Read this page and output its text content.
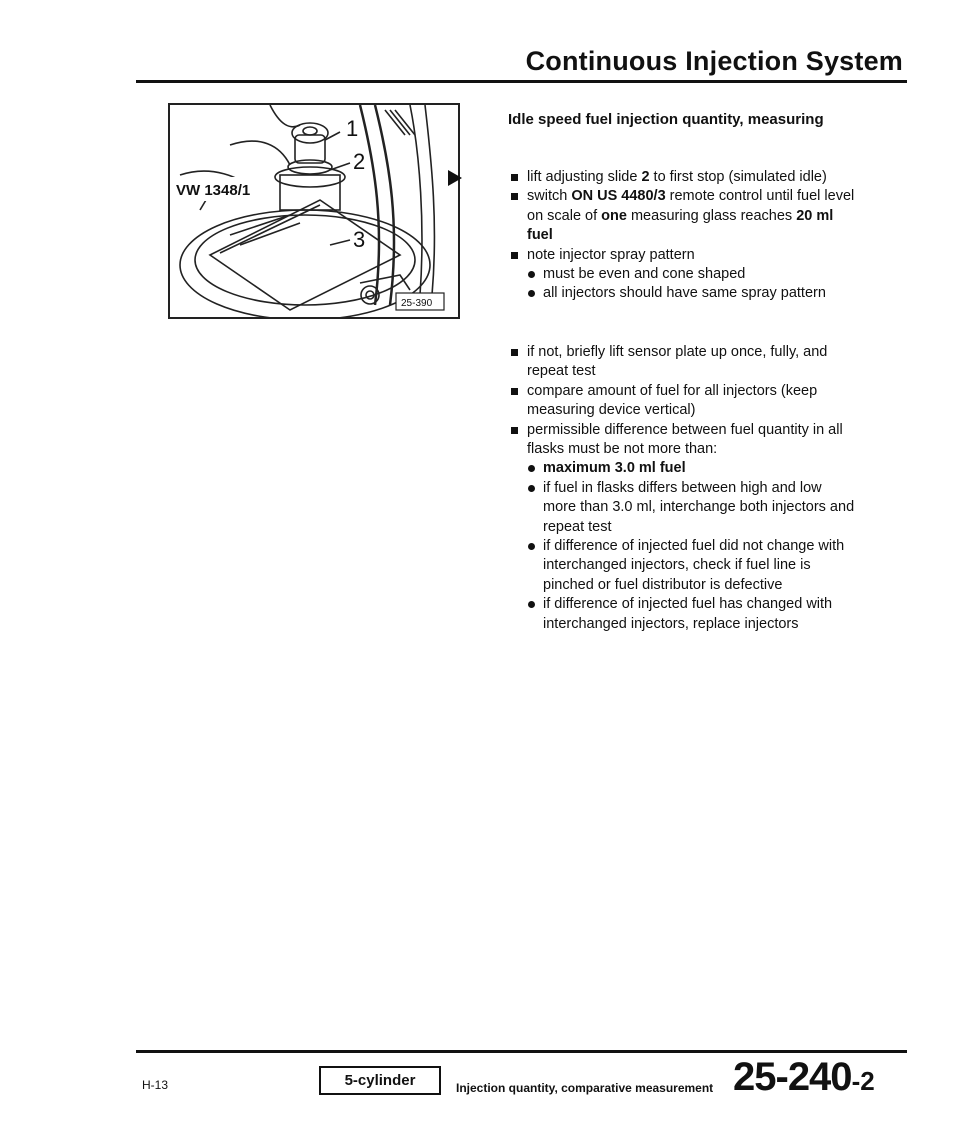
Continuous Injection System
VW 1348/1
1
2
3
25-390
Idle speed fuel injection quantity, measuring
lift adjusting slide 2 to first stop (simulated idle)
switch ON US 4480/3 remote control until fuel level on scale of one measuring glass reaches 20 ml fuel
note injector spray pattern
must be even and cone shaped
all injectors should have same spray pattern
if not, briefly lift sensor plate up once, fully, and repeat test
compare amount of fuel for all injectors (keep measuring device vertical)
permissible difference between fuel quantity in all flasks must be not more than:
maximum 3.0 ml fuel
if fuel in flasks differs between high and low more than 3.0 ml, interchange both injectors and repeat test
if difference of injected fuel did not change with interchanged injectors, check if fuel line is pinched or fuel distributor is defective
if difference of injected fuel has changed with interchanged injectors, replace injectors
H-13	5-cylinder	Injection quantity, comparative measurement 25-240-2
